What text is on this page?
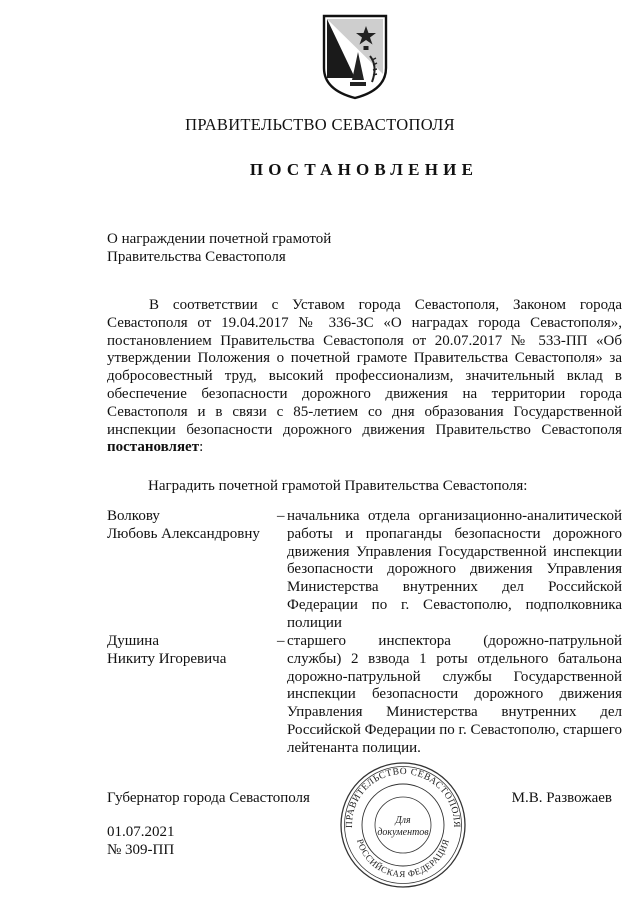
ПРАВИТЕЛЬСТВО СЕВАСТОПОЛЯ
ПОСТАНОВЛЕНИЕ
О награждении почетной грамотой
Правительства Севастополя
В соответствии с Уставом города Севастополя, Законом города Севастополя от 19.04.2017 № 336-ЗС «О наградах города Севастополя», постановлением Правительства Севастополя от 20.07.2017 № 533-ПП «Об утверждении Положения о почетной грамоте Правительства Севастополя» за добросовестный труд, высокий профессионализм, значительный вклад в обеспечение безопасности дорожного движения на территории города Севастополя и в связи с 85-летием со дня образования Государственной инспекции безопасности дорожного движения Правительство Севастополя постановляет:
Наградить почетной грамотой Правительства Севастополя:
Волкову
Любовь Александровну
– начальника отдела организационно-аналитической работы и пропаганды безопасности дорожного движения Управления Государственной инспекции безопасности дорожного движения Управления Министерства внутренних дел Российской Федерации по г. Севастополю, подполковника полиции
Душина
Никиту Игоревича
– старшего инспектора (дорожно-патрульной службы) 2 взвода 1 роты отдельного батальона дорожно-патрульной службы Государственной инспекции безопасности дорожного движения Управления Министерства внутренних дел Российской Федерации по г. Севастополю, старшего лейтенанта полиции.
Губернатор города Севастополя	М.В. Развожаев
01.07.2021
№ 309-ПП
ПРАВИТЕЛЬСТВО СЕВАСТОПОЛЯ
РОССИЙСКАЯ ФЕДЕРАЦИЯ
Для
документов
